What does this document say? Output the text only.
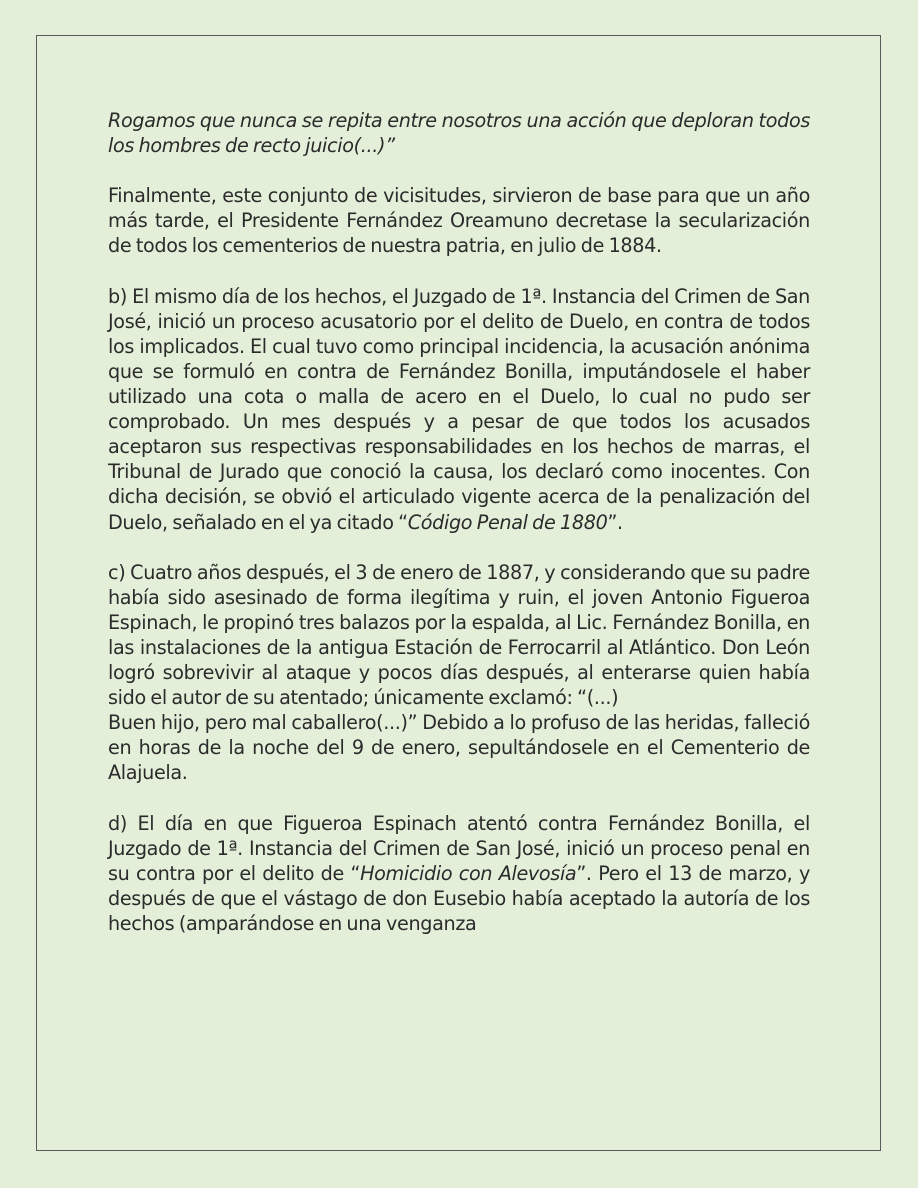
Rogamos que nunca se repita entre nosotros una acción que deploran todos los hombres de recto juicio(...)”

Finalmente, este conjunto de vicisitudes, sirvieron de base para que un año más tarde, el Presidente Fernández Oreamuno decretase la secularización de todos los cementerios de nuestra patria, en julio de 1884.

b) El mismo día de los hechos, el Juzgado de 1ª. Instancia del Crimen de San José, inició un proceso acusatorio por el delito de Duelo, en contra de todos los implicados. El cual tuvo como principal incidencia, la acusación anónima que se formuló en contra de Fernández Bonilla, imputándosele el haber utilizado una cota o malla de acero en el Duelo, lo cual no pudo ser comprobado. Un mes después y a pesar de que todos los acusados aceptaron sus respectivas responsabilidades en los hechos de marras, el Tribunal de Jurado que conoció la causa, los declaró como inocentes. Con dicha decisión, se obvió el articulado vigente acerca de la penalización del Duelo, señalado en el ya citado “Código Penal de 1880”.

c) Cuatro años después, el 3 de enero de 1887, y considerando que su padre había sido asesinado de forma ilegítima y ruin, el joven Antonio Figueroa Espinach, le propinó tres balazos por la espalda, al Lic. Fernández Bonilla, en las instalaciones de la antigua Estación de Ferrocarril al Atlántico. Don León logró sobrevivir al ataque y pocos días después, al enterarse quien había sido el autor de su atentado; únicamente exclamó: “(...)

Buen hijo, pero mal caballero(...)” Debido a lo profuso de las heridas, falleció en horas de la noche del 9 de enero, sepultándosele en el Cementerio de Alajuela.

d) El día en que Figueroa Espinach atentó contra Fernández Bonilla, el Juzgado de 1ª. Instancia del Crimen de San José, inició un proceso penal en su contra por el delito de “Homicidio con Alevosía”. Pero el 13 de marzo, y después de que el vástago de don Eusebio había aceptado la autoría de los hechos (amparándose en una venganza
